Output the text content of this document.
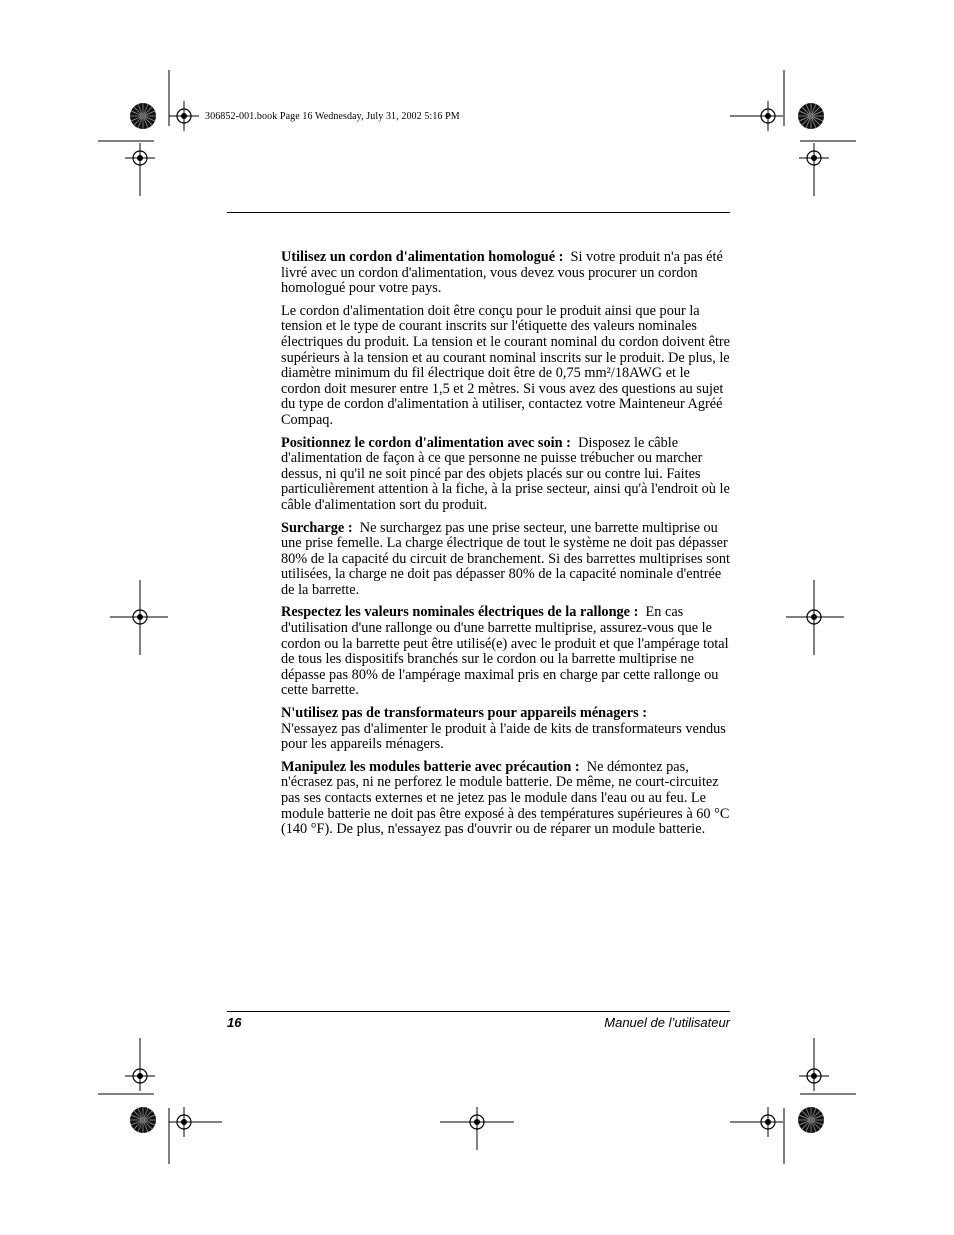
306852-001.book Page 16 Wednesday, July 31, 2002 5:16 PM

Utilisez un cordon d'alimentation homologué : Si votre produit n'a pas été livré avec un cordon d'alimentation, vous devez vous procurer un cordon homologué pour votre pays.

Le cordon d'alimentation doit être conçu pour le produit ainsi que pour la tension et le type de courant inscrits sur l'étiquette des valeurs nominales électriques du produit. La tension et le courant nominal du cordon doivent être supérieurs à la tension et au courant nominal inscrits sur le produit. De plus, le diamètre minimum du fil électrique doit être de 0,75 mm²/18AWG et le cordon doit mesurer entre 1,5 et 2 mètres. Si vous avez des questions au sujet du type de cordon d'alimentation à utiliser, contactez votre Mainteneur Agréé Compaq.

Positionnez le cordon d'alimentation avec soin : Disposez le câble d'alimentation de façon à ce que personne ne puisse trébucher ou marcher dessus, ni qu'il ne soit pincé par des objets placés sur ou contre lui. Faites particulièrement attention à la fiche, à la prise secteur, ainsi qu'à l'endroit où le câble d'alimentation sort du produit.

Surcharge : Ne surchargez pas une prise secteur, une barrette multiprise ou une prise femelle. La charge électrique de tout le système ne doit pas dépasser 80% de la capacité du circuit de branchement. Si des barrettes multiprises sont utilisées, la charge ne doit pas dépasser 80% de la capacité nominale d'entrée de la barrette.

Respectez les valeurs nominales électriques de la rallonge : En cas d'utilisation d'une rallonge ou d'une barrette multiprise, assurez-vous que le cordon ou la barrette peut être utilisé(e) avec le produit et que l'ampérage total de tous les dispositifs branchés sur le cordon ou la barrette multiprise ne dépasse pas 80% de l'ampérage maximal pris en charge par cette rallonge ou cette barrette.

N'utilisez pas de transformateurs pour appareils ménagers :
N'essayez pas d'alimenter le produit à l'aide de kits de transformateurs vendus pour les appareils ménagers.

Manipulez les modules batterie avec précaution : Ne démontez pas, n'écrasez pas, ni ne perforez le module batterie. De même, ne court-circuitez pas ses contacts externes et ne jetez pas le module dans l'eau ou au feu. Le module batterie ne doit pas être exposé à des températures supérieures à 60 °C (140 °F). De plus, n'essayez pas d'ouvrir ou de réparer un module batterie.

16	Manuel de l’utilisateur
